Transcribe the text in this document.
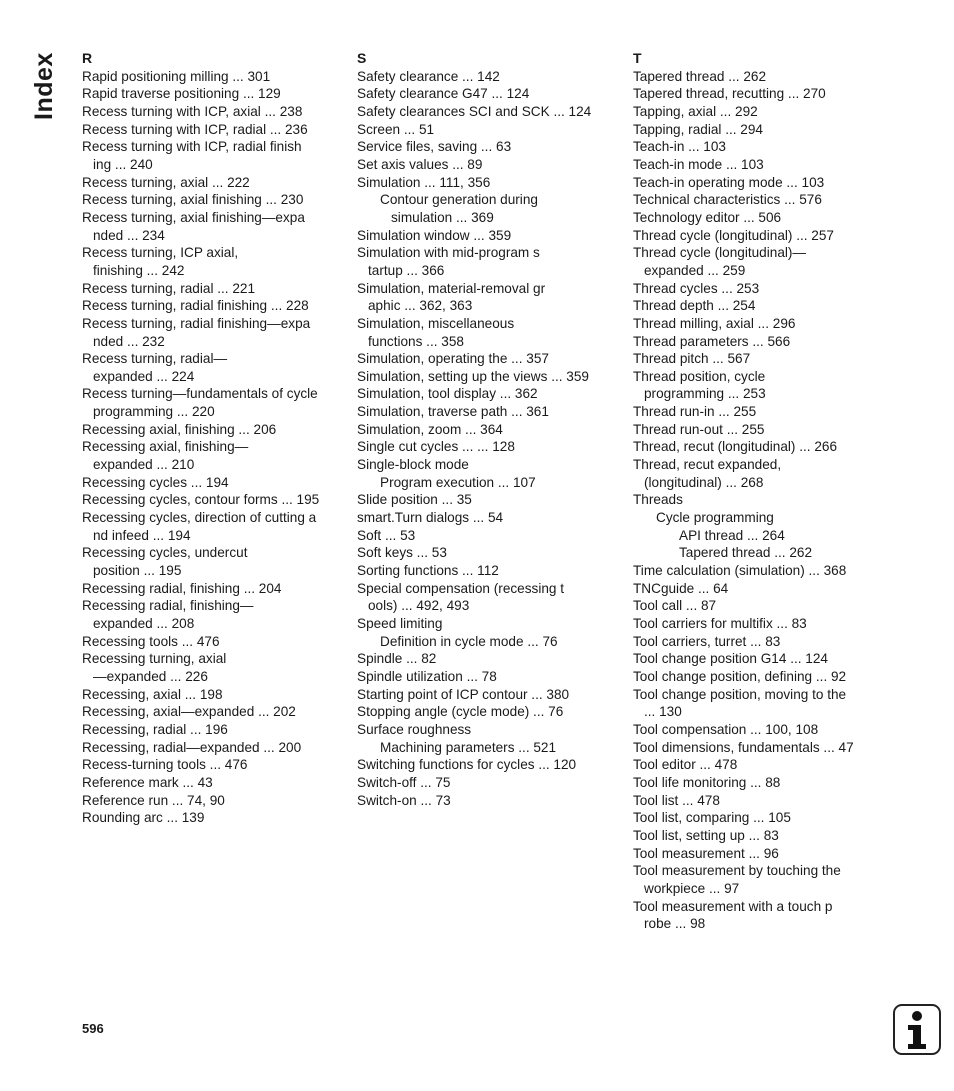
Index R
Rapid positioning milling ... 301
Rapid traverse positioning ... 129
Recess turning with ICP, axial ... 238
Recess turning with ICP, radial ... 236
Recess turning with ICP, radial finish
ing ... 240
Recess turning, axial ... 222
Recess turning, axial finishing ... 230
Recess turning, axial finishing—expa
nded ... 234
Recess turning, ICP axial,
finishing ... 242
Recess turning, radial ... 221
Recess turning, radial finishing ... 228
Recess turning, radial finishing—expa
nded ... 232
Recess turning, radial—
expanded ... 224
Recess turning—fundamentals of cycle
programming ... 220
Recessing axial, finishing ... 206
Recessing axial, finishing—
expanded ... 210
Recessing cycles ... 194
Recessing cycles, contour forms ... 195
Recessing cycles, direction of cutting a
nd infeed ... 194
Recessing cycles, undercut
position ... 195
Recessing radial, finishing ... 204
Recessing radial, finishing—
expanded ... 208
Recessing tools ... 476
Recessing turning, axial
—expanded ... 226
Recessing, axial ... 198
Recessing, axial—expanded ... 202
Recessing, radial ... 196
Recessing, radial—expanded ... 200
Recess-turning tools ... 476
Reference mark ... 43
Reference run ... 74, 90
Rounding arc ... 139
S
Safety clearance ... 142
Safety clearance G47 ... 124
Safety clearances SCI and SCK ... 124
Screen ... 51
Service files, saving ... 63
Set axis values ... 89
Simulation ... 111, 356
Contour generation during
simulation ... 369
Simulation window ... 359
Simulation with mid-program s
tartup ... 366
Simulation, material-removal gr
aphic ... 362, 363
Simulation, miscellaneous
functions ... 358
Simulation, operating the ... 357
Simulation, setting up the views ... 359
Simulation, tool display ... 362
Simulation, traverse path ... 361
Simulation, zoom ... 364
Single cut cycles ... ... 128
Single-block mode
Program execution ... 107
Slide position ... 35
smart.Turn dialogs ... 54
Soft ... 53
Soft keys ... 53
Sorting functions ... 112
Special compensation (recessing t
ools) ... 492, 493
Speed limiting
Definition in cycle mode ... 76
Spindle ... 82
Spindle utilization ... 78
Starting point of ICP contour ... 380
Stopping angle (cycle mode) ... 76
Surface roughness
Machining parameters ... 521
Switching functions for cycles ... 120
Switch-off ... 75
Switch-on ... 73
T
Tapered thread ... 262
Tapered thread, recutting ... 270
Tapping, axial ... 292
Tapping, radial ... 294
Teach-in ... 103
Teach-in mode ... 103
Teach-in operating mode ... 103
Technical characteristics ... 576
Technology editor ... 506
Thread cycle (longitudinal) ... 257
Thread cycle (longitudinal)—
expanded ... 259
Thread cycles ... 253
Thread depth ... 254
Thread milling, axial ... 296
Thread parameters ... 566
Thread pitch ... 567
Thread position, cycle
programming ... 253
Thread run-in ... 255
Thread run-out ... 255
Thread, recut (longitudinal) ... 266
Thread, recut expanded,
(longitudinal) ... 268
Threads
Cycle programming
API thread ... 264
Tapered thread ... 262
Time calculation (simulation) ... 368
TNCguide ... 64
Tool call ... 87
Tool carriers for multifix ... 83
Tool carriers, turret ... 83
Tool change position G14 ... 124
Tool change position, defining ... 92
Tool change position, moving to the
... 130
Tool compensation ... 100, 108
Tool dimensions, fundamentals ... 47
Tool editor ... 478
Tool life monitoring ... 88
Tool list ... 478
Tool list, comparing ... 105
Tool list, setting up ... 83
Tool measurement ... 96
Tool measurement by touching the
workpiece ... 97
Tool measurement with a touch p
robe ... 98
596
